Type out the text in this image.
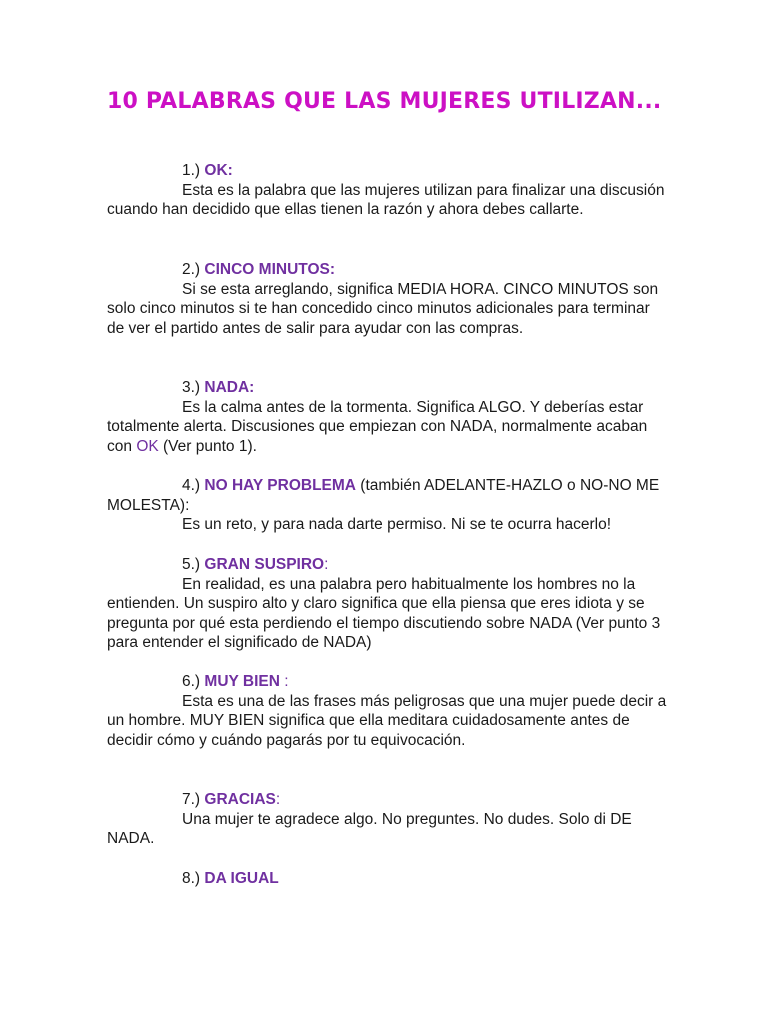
10 PALABRAS QUE LAS MUJERES UTILIZAN...
1.) OK:

Esta es la palabra que las mujeres utilizan para finalizar una discusión cuando han decidido que ellas tienen la razón y ahora debes callarte.

2.) CINCO MINUTOS:

Si se esta arreglando, significa MEDIA HORA. CINCO MINUTOS son solo cinco minutos si te han concedido cinco minutos adicionales para terminar de ver el partido antes de salir para ayudar con las compras.

3.) NADA:

Es la calma antes de la tormenta. Significa ALGO. Y deberías estar totalmente alerta. Discusiones que empiezan con NADA, normalmente acaban con OK (Ver punto 1).

4.) NO HAY PROBLEMA (también ADELANTE-HAZLO o NO-NO ME MOLESTA):

Es un reto, y para nada darte permiso. Ni se te ocurra hacerlo!

5.) GRAN SUSPIRO:

En realidad, es una palabra pero habitualmente los hombres no la entienden. Un suspiro alto y claro significa que ella piensa que eres idiota y se pregunta por qué esta perdiendo el tiempo discutiendo sobre NADA (Ver punto 3 para entender el significado de NADA)

6.) MUY BIEN :

Esta es una de las frases más peligrosas que una mujer puede decir a un hombre. MUY BIEN significa que ella meditara cuidadosamente antes de decidir cómo y cuándo pagarás por tu equivocación.

7.) GRACIAS:

Una mujer te agradece algo. No preguntes. No dudes. Solo di DE NADA.

8.) DA IGUAL
